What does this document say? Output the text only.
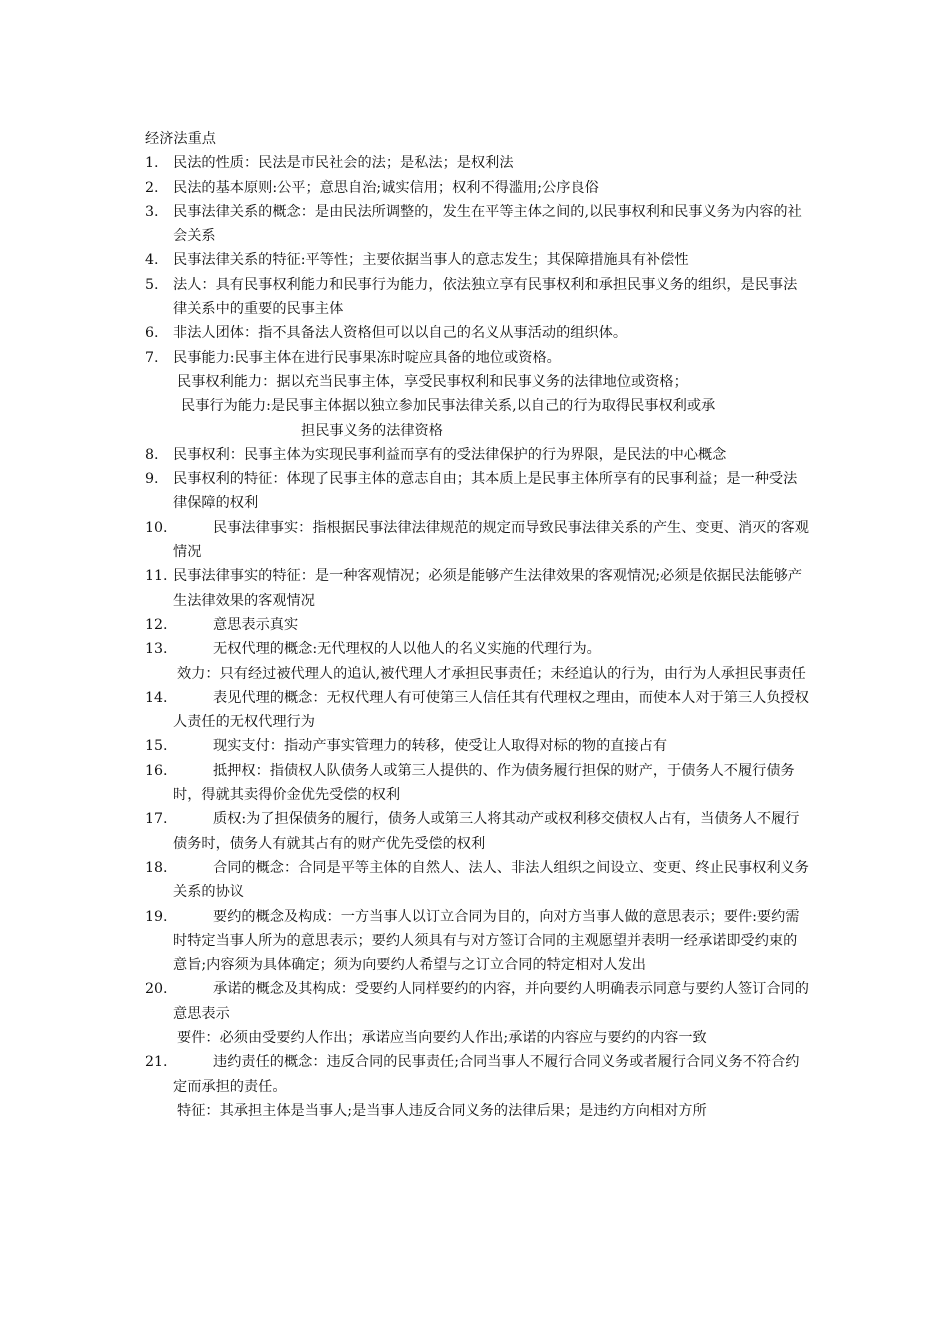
经济法重点
1. 民法的性质：民法是市民社会的法；是私法；是权利法
2. 民法的基本原则:公平；意思自治;诚实信用；权利不得滥用;公序良俗
3. 民事法律关系的概念：是由民法所调整的，发生在平等主体之间的,以民事权利和民事义务为内容的社会关系
4. 民事法律关系的特征:平等性；主要依据当事人的意志发生；其保障措施具有补偿性
5. 法人：具有民事权利能力和民事行为能力，依法独立享有民事权利和承担民事义务的组织，是民事法律关系中的重要的民事主体
6. 非法人团体：指不具备法人资格但可以以自己的名义从事活动的组织体。
7. 民事能力:民事主体在进行民事果冻时啶应具备的地位或资格。
民事权利能力：据以充当民事主体，享受民事权利和民事义务的法律地位或资格；
民事行为能力:是民事主体据以独立参加民事法律关系,以自己的行为取得民事权利或承
担民事义务的法律资格
8. 民事权利：民事主体为实现民事利益而享有的受法律保护的行为界限，是民法的中心概念
9. 民事权利的特征：体现了民事主体的意志自由；其本质上是民事主体所享有的民事利益；是一种受法律保障的权利
10.	民事法律事实：指根据民事法律法律规范的规定而导致民事法律关系的产生、变更、消灭的客观情况
11. 民事法律事实的特征：是一种客观情况；必须是能够产生法律效果的客观情况;必须是依据民法能够产生法律效果的客观情况
12.	意思表示真实
13.	无权代理的概念:无代理权的人以他人的名义实施的代理行为。
效力：只有经过被代理人的追认,被代理人才承担民事责任；未经追认的行为，由行为人承担民事责任
14.	表见代理的概念：无权代理人有可使第三人信任其有代理权之理由，而使本人对于第三人负授权人责任的无权代理行为
15.	现实支付：指动产事实管理力的转移，使受让人取得对标的物的直接占有
16.	抵押权：指债权人队债务人或第三人提供的、作为债务履行担保的财产，于债务人不履行债务时，得就其卖得价金优先受偿的权利
17.	质权:为了担保债务的履行，债务人或第三人将其动产或权利移交债权人占有，当债务人不履行债务时，债务人有就其占有的财产优先受偿的权利
18.	合同的概念：合同是平等主体的自然人、法人、非法人组织之间设立、变更、终止民事权利义务关系的协议
19.	要约的概念及构成：一方当事人以订立合同为目的，向对方当事人做的意思表示；要件:要约需时特定当事人所为的意思表示；要约人须具有与对方签订合同的主观愿望并表明一经承诺即受约束的意旨;内容须为具体确定；须为向要约人希望与之订立合同的特定相对人发出
20.	承诺的概念及其构成：受要约人同样要约的内容，并向要约人明确表示同意与要约人签订合同的意思表示
要件：必须由受要约人作出；承诺应当向要约人作出;承诺的内容应与要约的内容一致
21.	违约责任的概念：违反合同的民事责任;合同当事人不履行合同义务或者履行合同义务不符合约定而承担的责任。
特征：其承担主体是当事人;是当事人违反合同义务的法律后果；是违约方向相对方所
